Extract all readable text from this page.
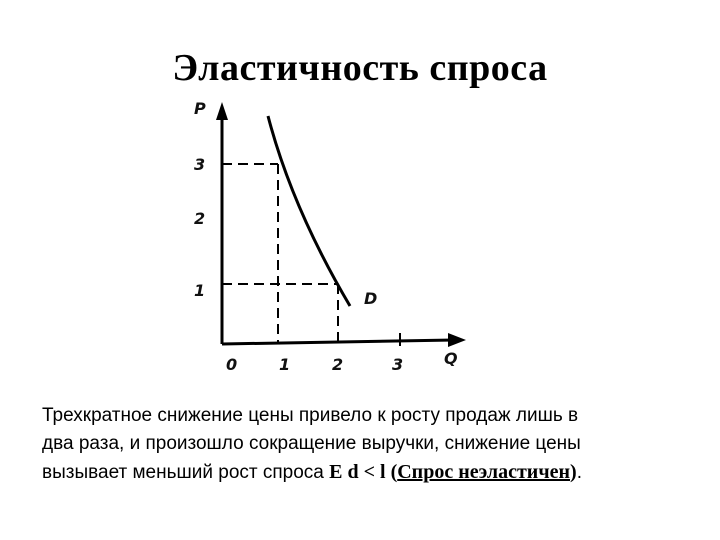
Эластичность спроса
P
Q
0
3
2
1
1	2	3
D
Трехкратное снижение цены привело к росту продаж лишь в
два раза, и произошло сокращение выручки, снижение цены
вызывает меньший рост спроса E d < l (Спрос неэластичен).
